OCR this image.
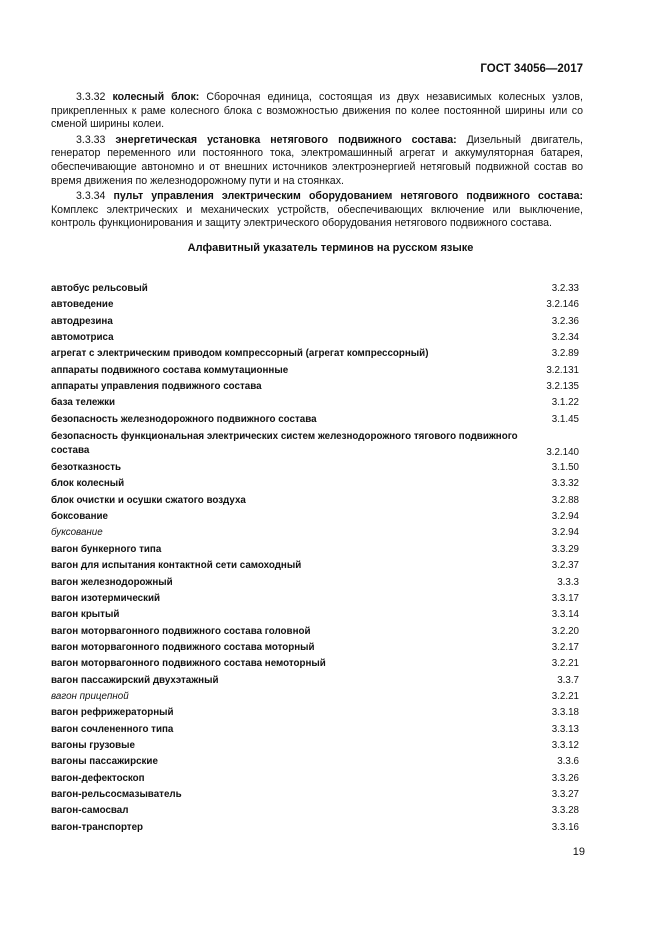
ГОСТ 34056—2017

3.3.32 колесный блок: Сборочная единица, состоящая из двух независимых колесных узлов, прикрепленных к раме колесного блока с возможностью движения по колее постоянной ширины или со сменой ширины колеи.

3.3.33 энергетическая установка нетягового подвижного состава: Дизельный двигатель, генератор переменного или постоянного тока, электромашинный агрегат и аккумуляторная батарея, обеспечивающие автономно и от внешних источников электроэнергией нетяговый подвижной состав во время движения по железнодорожному пути и на стоянках.

3.3.34 пульт управления электрическим оборудованием нетягового подвижного состава: Комплекс электрических и механических устройств, обеспечивающих включение или выключение, контроль функционирования и защиту электрического оборудования нетягового подвижного состава.

Алфавитный указатель терминов на русском языке
автобус рельсовый	3.2.33
автоведение	3.2.146
автодрезина	3.2.36
автомотриса	3.2.34
агрегат с электрическим приводом компрессорный (агрегат компрессорный)	3.2.89
аппараты подвижного состава коммутационные	3.2.131
аппараты управления подвижного состава	3.2.135
база тележки	3.1.22
безопасность железнодорожного подвижного состава	3.1.45
безопасность функциональная электрических систем железнодорожного тягового подвижного состава	3.2.140
безотказность	3.1.50
блок колесный	3.3.32
блок очистки и осушки сжатого воздуха	3.2.88
боксование	3.2.94
буксование	3.2.94
вагон бункерного типа	3.3.29
вагон для испытания контактной сети самоходный	3.2.37
вагон железнодорожный	3.3.3
вагон изотермический	3.3.17
вагон крытый	3.3.14
вагон моторвагонного подвижного состава головной	3.2.20
вагон моторвагонного подвижного состава моторный	3.2.17
вагон моторвагонного подвижного состава немоторный	3.2.21
вагон пассажирский двухэтажный	3.3.7
вагон прицепной	3.2.21
вагон рефрижераторный	3.3.18
вагон сочлененного типа	3.3.13
вагоны грузовые	3.3.12
вагоны пассажирские	3.3.6
вагон-дефектоскоп	3.3.26
вагон-рельсосмазыватель	3.3.27
вагон-самосвал	3.3.28
вагон-транспортер	3.3.16
19
